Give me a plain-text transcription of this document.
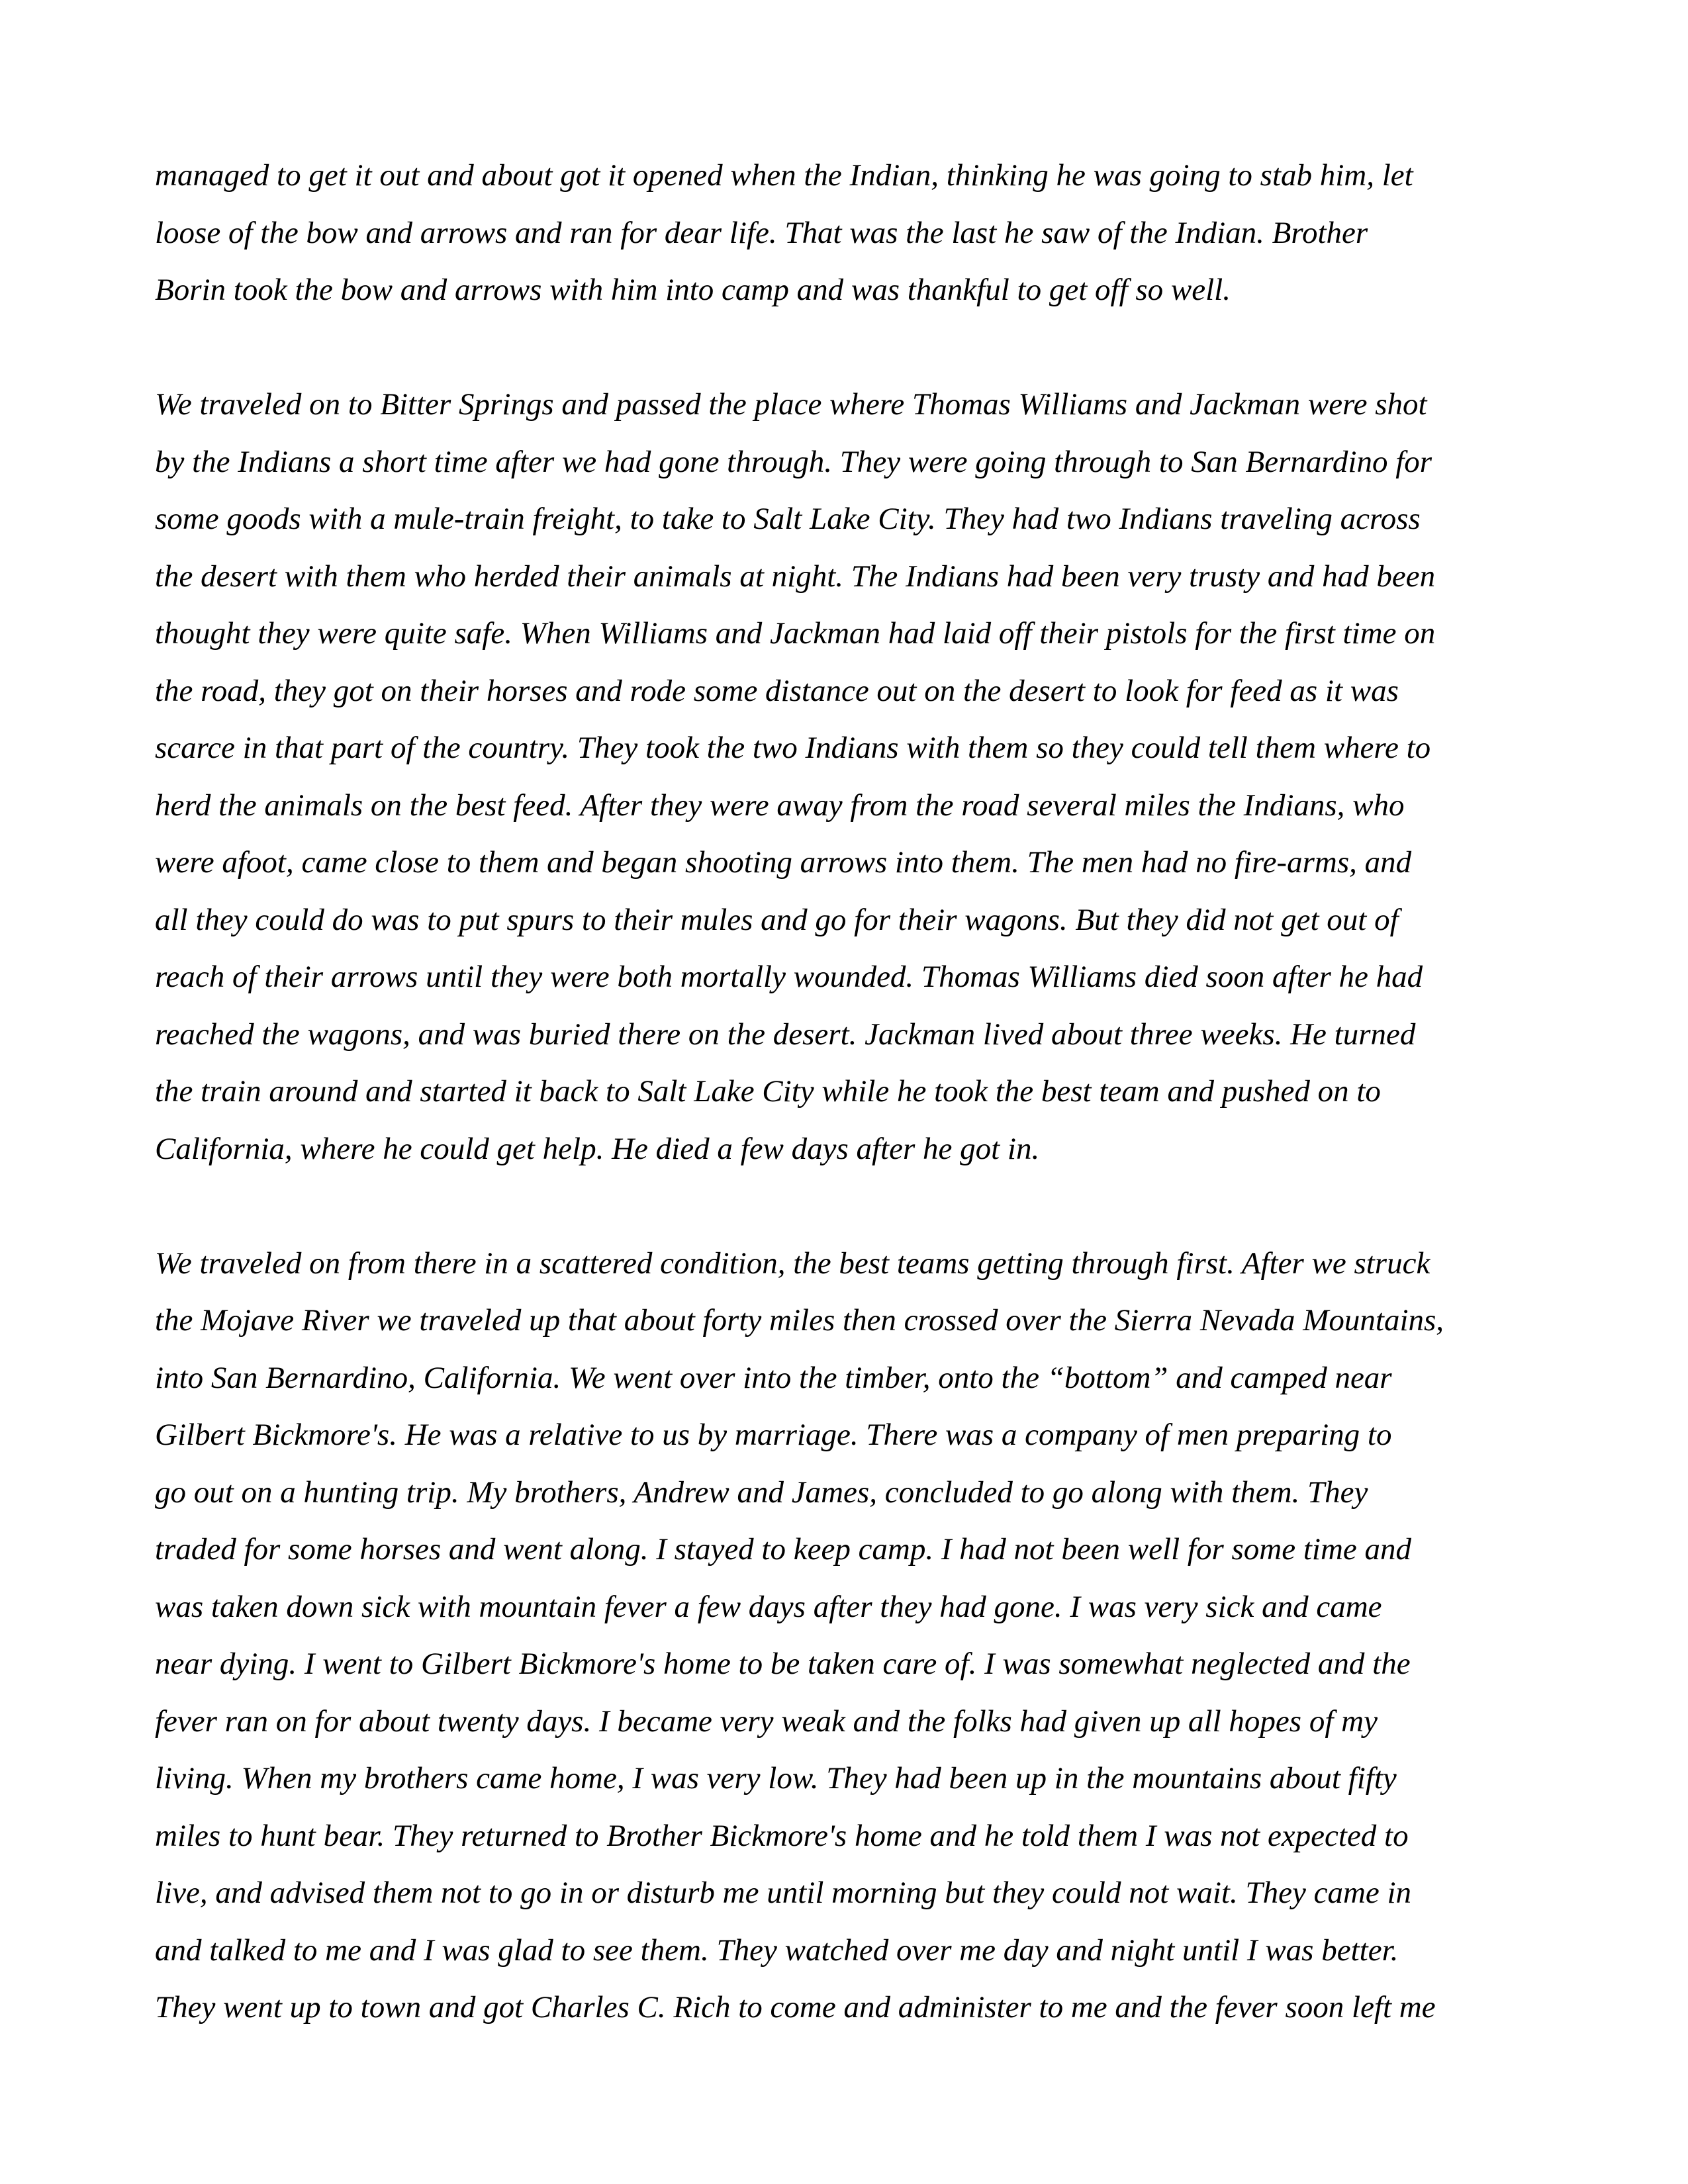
managed to get it out and about got it opened when the Indian, thinking he was going to stab him, let
loose of the bow and arrows and ran for dear life. That was the last he saw of the Indian. Brother
Borin took the bow and arrows with him into camp and was thankful to get off so well.

We traveled on to Bitter Springs and passed the place where Thomas Williams and Jackman were shot
by the Indians a short time after we had gone through. They were going through to San Bernardino for
some goods with a mule-train freight, to take to Salt Lake City. They had two Indians traveling across
the desert with them who herded their animals at night. The Indians had been very trusty and had been
thought they were quite safe. When Williams and Jackman had laid off their pistols for the first time on
the road, they got on their horses and rode some distance out on the desert to look for feed as it was
scarce in that part of the country. They took the two Indians with them so they could tell them where to
herd the animals on the best feed. After they were away from the road several miles the Indians, who
were afoot, came close to them and began shooting arrows into them. The men had no fire-arms, and
all they could do was to put spurs to their mules and go for their wagons. But they did not get out of
reach of their arrows until they were both mortally wounded. Thomas Williams died soon after he had
reached the wagons, and was buried there on the desert. Jackman lived about three weeks. He turned
the train around and started it back to Salt Lake City while he took the best team and pushed on to
California, where he could get help. He died a few days after he got in.

We traveled on from there in a scattered condition, the best teams getting through first. After we struck
the Mojave River we traveled up that about forty miles then crossed over the Sierra Nevada Mountains,
into San Bernardino, California. We went over into the timber, onto the “bottom” and camped near
Gilbert Bickmore's. He was a relative to us by marriage. There was a company of men preparing to
go out on a hunting trip. My brothers, Andrew and James, concluded to go along with them. They
traded for some horses and went along. I stayed to keep camp. I had not been well for some time and
was taken down sick with mountain fever a few days after they had gone. I was very sick and came
near dying. I went to Gilbert Bickmore's home to be taken care of. I was somewhat neglected and the
fever ran on for about twenty days. I became very weak and the folks had given up all hopes of my
living. When my brothers came home, I was very low. They had been up in the mountains about fifty
miles to hunt bear. They returned to Brother Bickmore's home and he told them I was not expected to
live, and advised them not to go in or disturb me until morning but they could not wait. They came in
and talked to me and I was glad to see them. They watched over me day and night until I was better.
They went up to town and got Charles C. Rich to come and administer to me and the fever soon left me
